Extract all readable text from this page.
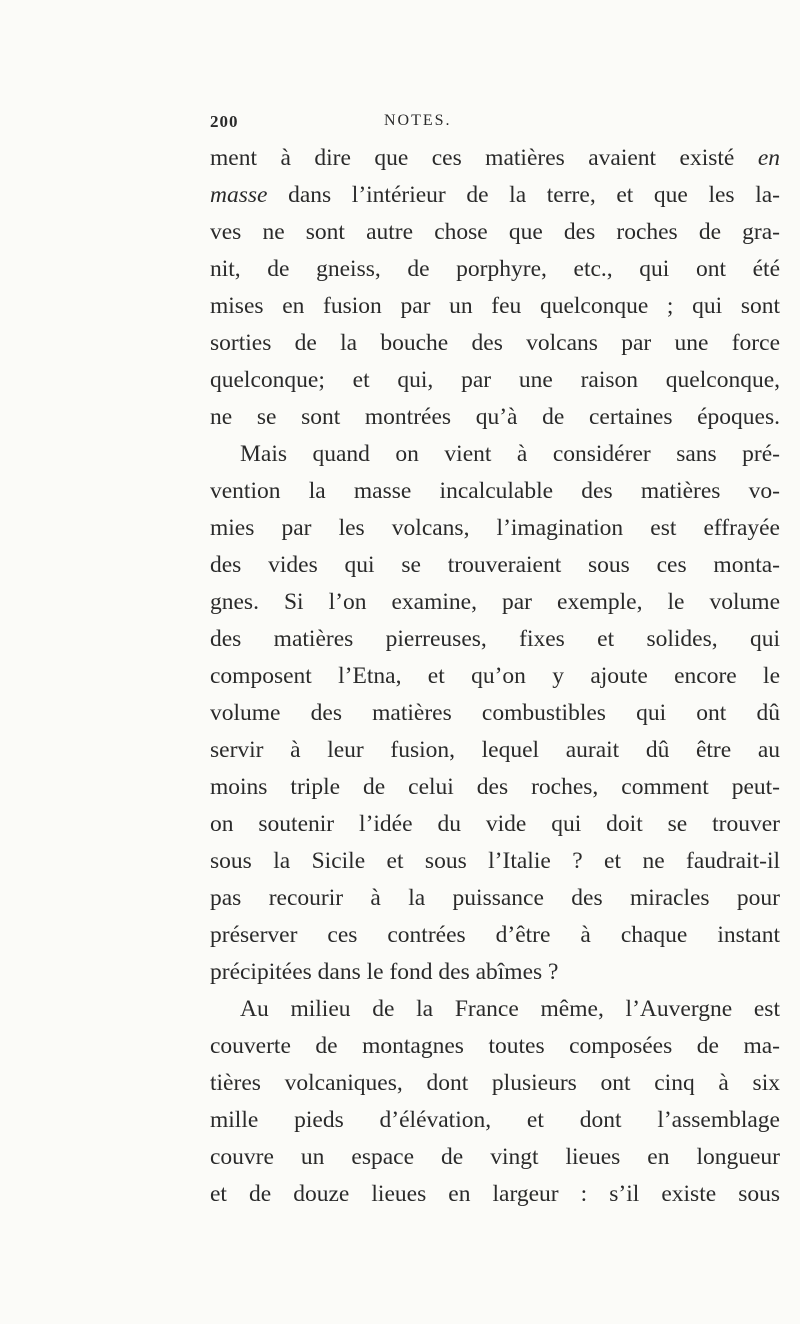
200	NOTES.
ment à dire que ces matières avaient existé en
masse dans l’intérieur de la terre, et que les la-
ves ne sont autre chose que des roches de gra-
nit, de gneiss, de porphyre, etc., qui ont été
mises en fusion par un feu quelconque ; qui sont
sorties de la bouche des volcans par une force
quelconque; et qui, par une raison quelconque,
ne se sont montrées qu’à de certaines époques.
Mais quand on vient à considérer sans pré-
vention la masse incalculable des matières vo-
mies par les volcans, l’imagination est effrayée
des vides qui se trouveraient sous ces monta-
gnes. Si l’on examine, par exemple, le volume
des matières pierreuses, fixes et solides, qui
composent l’Etna, et qu’on y ajoute encore le
volume des matières combustibles qui ont dû
servir à leur fusion, lequel aurait dû être au
moins triple de celui des roches, comment peut-
on soutenir l’idée du vide qui doit se trouver
sous la Sicile et sous l’Italie ? et ne faudrait-il
pas recourir à la puissance des miracles pour
préserver ces contrées d’être à chaque instant
précipitées dans le fond des abîmes ?
Au milieu de la France même, l’Auvergne est
couverte de montagnes toutes composées de ma-
tières volcaniques, dont plusieurs ont cinq à six
mille pieds d’élévation, et dont l’assemblage
couvre un espace de vingt lieues en longueur
et de douze lieues en largeur : s’il existe sous
